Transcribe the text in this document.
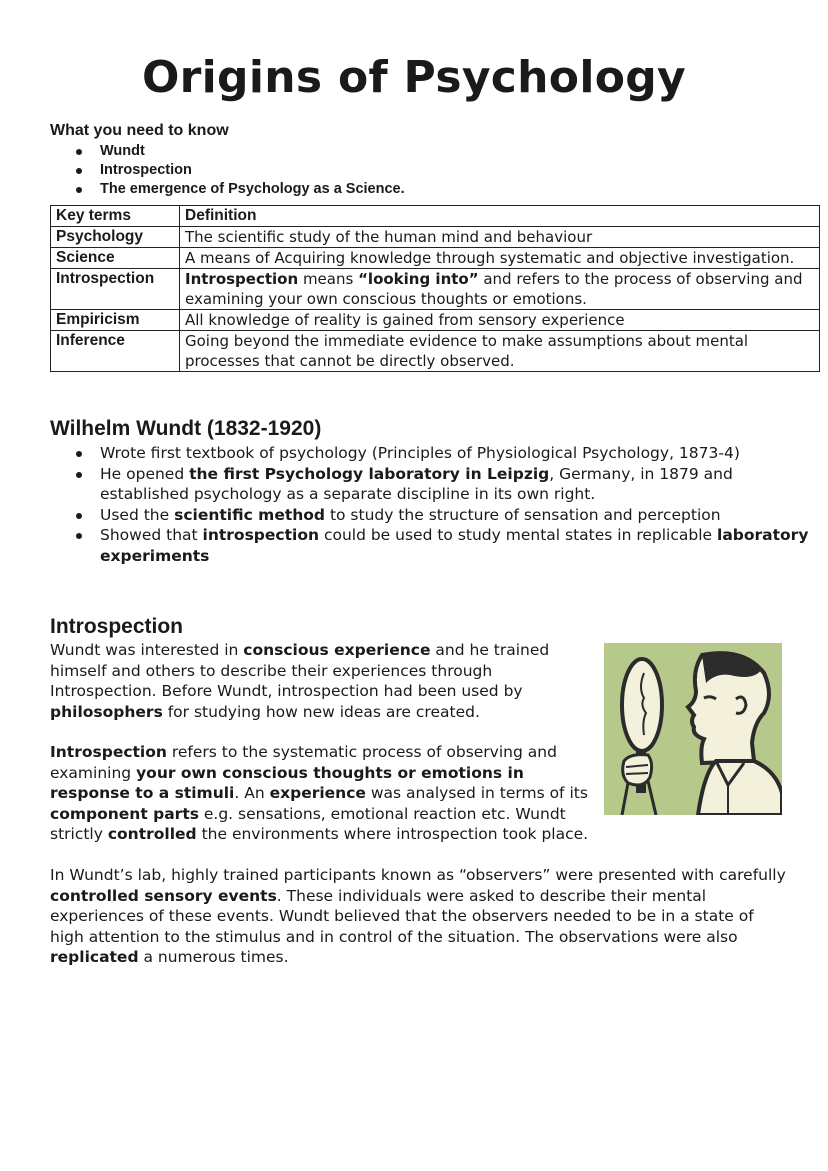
Origins of Psychology
What you need to know
Wundt
Introspection
The emergence of Psychology as a Science.
Key terms	Definition
Psychology	The scientific study of the human mind and behaviour
Science	A means of Acquiring knowledge through systematic and objective investigation.
Introspection	Introspection means “looking into” and refers to the process of observing and examining your own conscious thoughts or emotions.
Empiricism	All knowledge of reality is gained from sensory experience
Inference	Going beyond the immediate evidence to make assumptions about mental processes that cannot be directly observed.
Wilhelm Wundt (1832-1920)
Wrote first textbook of psychology (Principles of Physiological Psychology, 1873-4)
He opened the first Psychology laboratory in Leipzig, Germany, in 1879 and established psychology as a separate discipline in its own right.
Used the scientific method to study the structure of sensation and perception
Showed that introspection could be used to study mental states in replicable laboratory experiments
Introspection

Wundt was interested in conscious experience and he trained himself and others to describe their experiences through Introspection. Before Wundt, introspection had been used by philosophers for studying how new ideas are created.

Introspection refers to the systematic process of observing and examining your own conscious thoughts or emotions in response to a stimuli. An experience was analysed in terms of its component parts e.g. sensations, emotional reaction etc. Wundt strictly controlled the environments where introspection took place.

In Wundt’s lab, highly trained participants known as “observers” were presented with carefully controlled sensory events. These individuals were asked to describe their mental experiences of these events. Wundt believed that the observers needed to be in a state of high attention to the stimulus and in control of the situation. The observations were also replicated a numerous times.
